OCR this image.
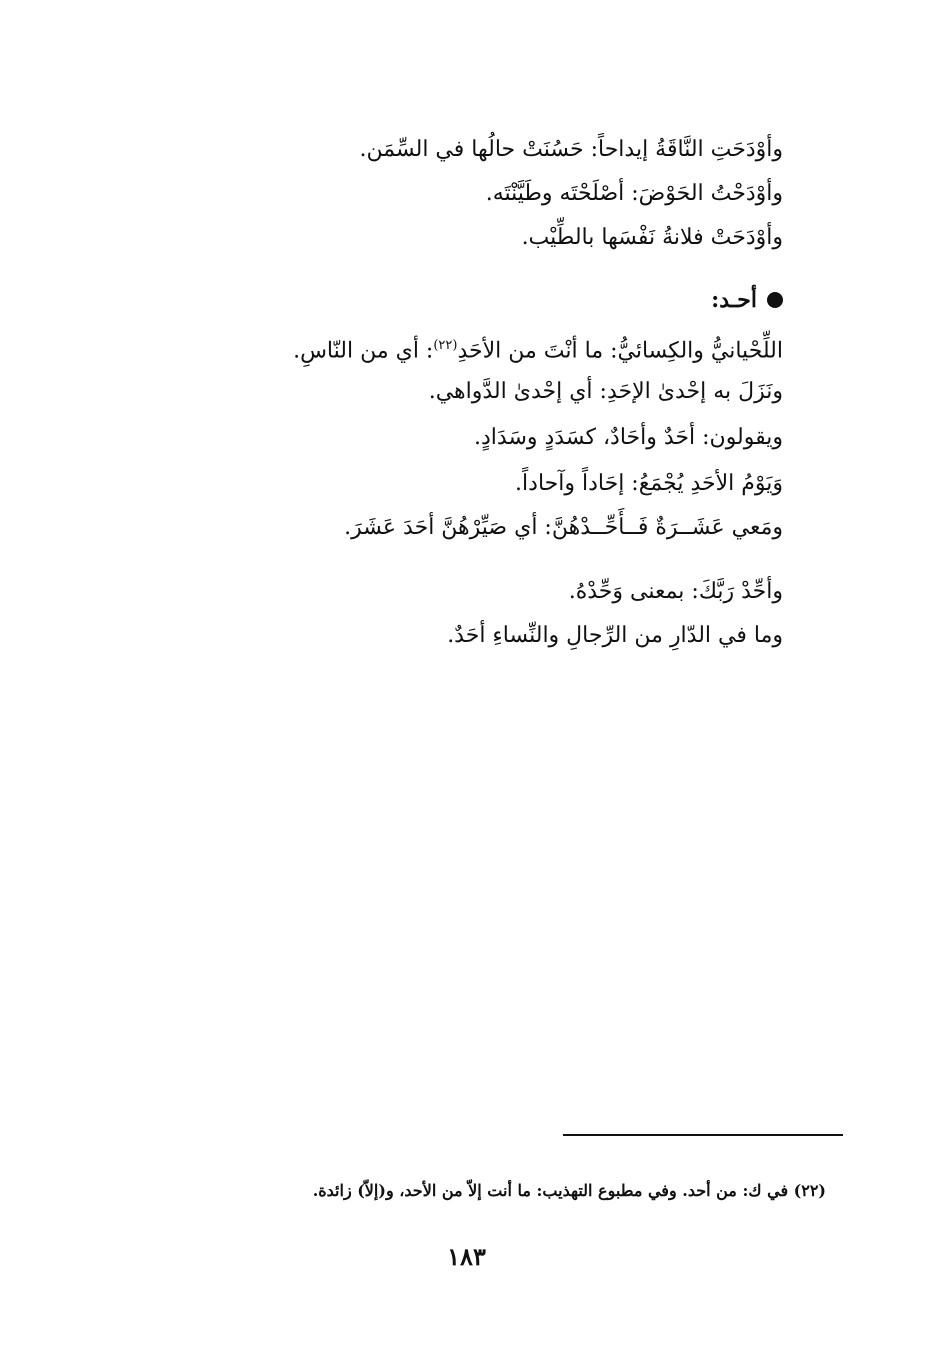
وأوْدَحَتِ النَّاقَةُ إيداحاً: حَسُنَتْ حالُها في السِّمَن.
وأوْدَحْتُ الحَوْضَ: أصْلَحْتَه وطَيَّنْتَه.
وأوْدَحَتْ فلانةُ نَفْسَها بالطِّيْب.
أحـد:
اللِّحْيانيُّ والكِسائيُّ: ما أنْتَ من الأحَدِ$^{(٢٢)}$: أي من النّاسِ.
ونَزَلَ به إحْدىٰ الإحَدِ: أي إحْدىٰ الدَّواهي.
ويقولون: أحَدٌ وأحَادٌ، كسَدَدٍ وسَدَادٍ.
وَيَوْمُ الأحَدِ يُجْمَعُ: إحَاداً وآحاداً.
ومَعي عَشَــرَةٌ فَــأَحِّــدْهُنَّ: أي صَيِّرْهُنَّ أحَدَ عَشَرَ.
وأحِّدْ رَبَّكَ: بمعنى وَحِّدْهُ.
وما في الدّارِ من الرِّجالِ والنِّساءِ أحَدٌ.
(٢٢) في ك: من أحد. وفي مطبوع التهذيب: ما أنت إلاّ من الأحد، و(إلاّ) زائدة.
١٨٣
